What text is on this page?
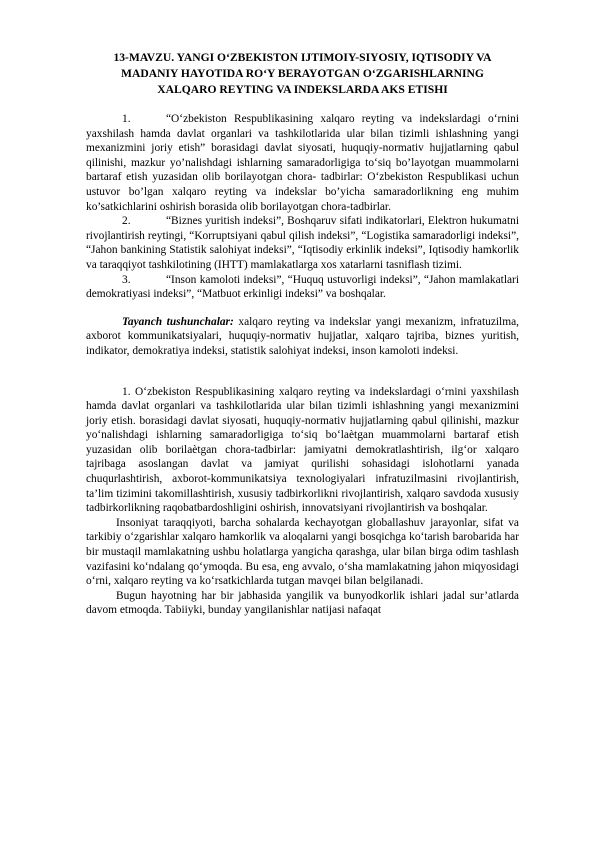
13-MAVZU. YANGI O‘ZBEKISTON IJTIMOIY-SIYOSIY, IQTISODIY VA
MADANIY HAYOTIDA RO‘Y BERAYOTGAN O‘ZGARISHLARNING
XALQARO REYTING VA INDEKSLARDA AKS ETISHI

1.	“O‘zbekiston Respublikasining xalqaro reyting va indekslardagi o‘rnini yaxshilash hamda davlat organlari va tashkilotlarida ular bilan tizimli ishlashning yangi mexanizmini joriy etish” borasidagi davlat siyosati, huquqiy-normativ hujjatlarning qabul qilinishi, mazkur yo’nalishdagi ishlarning samaradorligiga to‘siq bo’layotgan muammolarni bartaraf etish yuzasidan olib borilayotgan chora- tadbirlar: O‘zbekiston Respublikasi uchun ustuvor bo’lgan xalqaro reyting va indekslar bo’yicha samaradorlikning eng muhim ko’satkichlarini oshirish borasida olib borilayotgan chora-tadbirlar.

2.	“Biznes yuritish indeksi”, Boshqaruv sifati indikatorlari, Elektron hukumatni rivojlantirish reytingi, “Korruptsiyani qabul qilish indeksi”, “Logistika samaradorligi indeksi”, “Jahon bankining Statistik salohiyat indeksi”, “Iqtisodiy erkinlik indeksi”, Iqtisodiy hamkorlik va taraqqiyot tashkilotining (IHTT) mamlakatlarga xos xatarlarni tasniflash tizimi.

3.	“Inson kamoloti indeksi”, “Huquq ustuvorligi indeksi”, “Jahon mamlakatlari demokratiyasi indeksi”, “Matbuot erkinligi indeksi” va boshqalar.

Tayanch tushunchalar: xalqaro reyting va indekslar yangi mexanizm, infratuzilma, axborot kommunikatsiyalari, huquqiy-normativ hujjatlar, xalqaro tajriba, biznes yuritish, indikator, demokratiya indeksi, statistik salohiyat indeksi, inson kamoloti indeksi.

1. O‘zbekiston Respublikasining xalqaro reyting va indekslardagi o‘rnini yaxshilash hamda davlat organlari va tashkilotlarida ular bilan tizimli ishlashning yangi mexanizmini joriy etish. borasidagi davlat siyosati, huquqiy-normativ hujjatlarning qabul qilinishi, mazkur yo‘nalishdagi ishlarning samaradorligiga to‘siq bo‘laètgan muammolarni bartaraf etish yuzasidan olib borilaètgan chora-tadbirlar: jamiyatni demokratlashtirish, ilg‘or xalqaro tajribaga asoslangan davlat va jamiyat qurilishi sohasidagi islohotlarni yanada chuqurlashtirish, axborot-kommunikatsiya texnologiyalari infratuzilmasini rivojlantirish, ta’lim tizimini takomillashtirish, xususiy tadbirkorlikni rivojlantirish, xalqaro savdoda xususiy tadbirkorlikning raqobatbardoshligini oshirish, innovatsiyani rivojlantirish va boshqalar.

Insoniyat taraqqiyoti, barcha sohalarda kechayotgan globallashuv jarayonlar, sifat va tarkibiy o‘zgarishlar xalqaro hamkorlik va aloqalarni yangi bosqichga ko‘tarish barobarida har bir mustaqil mamlakatning ushbu holatlarga yangicha qarashga, ular bilan birga odim tashlash vazifasini ko‘ndalang qo‘ymoqda. Bu esa, eng avvalo, o‘sha mamlakatning jahon miqyosidagi o‘rni, xalqaro reyting va ko‘rsatkichlarda tutgan mavqei bilan belgilanadi.

Bugun hayotning har bir jabhasida yangilik va bunyodkorlik ishlari jadal sur’atlarda davom etmoqda. Tabiiyki, bunday yangilanishlar natijasi nafaqat
